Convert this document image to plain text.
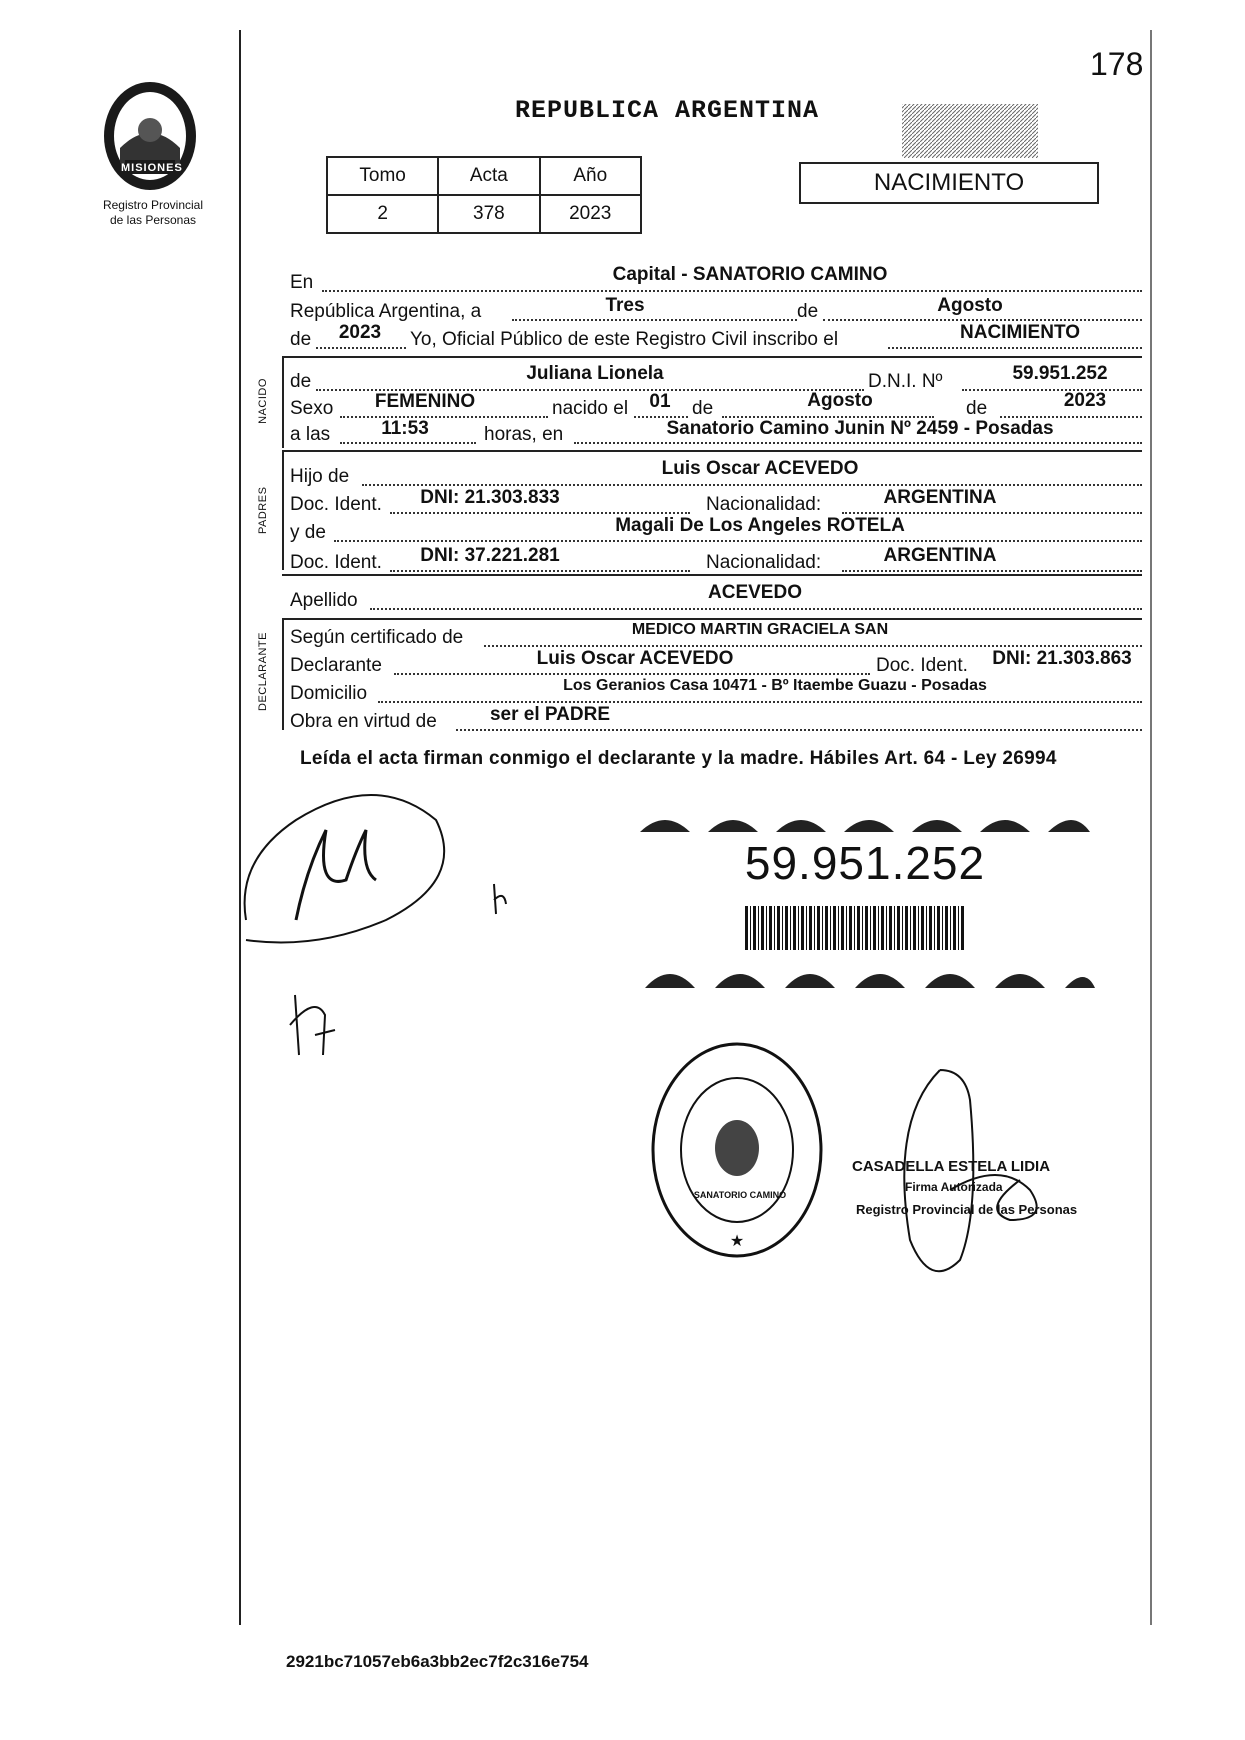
178
MISIONES
Registro Provincial
de las Personas
REPUBLICA ARGENTINA
Tomo	Acta	Año
2	378	2023
NACIMIENTO
En	Capital - SANATORIO CAMINO
República Argentina, a	Tres	de	Agosto
de	2023	Yo, Oficial Público de este Registro Civil inscribo el	NACIMIENTO
NACIDO de	Juliana Lionela	D.N.I. Nº	59.951.252
Sexo	FEMENINO	nacido el	01	de	Agosto	de	2023
a las	11:53	horas, en	Sanatorio Camino Junin Nº 2459 - Posadas
PADRES
Hijo de	Luis Oscar ACEVEDO
Doc. Ident.	DNI: 21.303.833	Nacionalidad:	ARGENTINA
y de	Magali De Los Angeles ROTELA
Doc. Ident.	DNI: 37.221.281	Nacionalidad:	ARGENTINA
Apellido	ACEVEDO
DECLARANTE Según certificado de	MEDICO MARTIN GRACIELA SAN
Declarante	Luis Oscar ACEVEDO	Doc. Ident.	DNI: 21.303.863
Domicilio	Los Geranios Casa 10471 - Bº Itaembe Guazu - Posadas
Obra en virtud de	ser el PADRE
Leída el acta firman conmigo el declarante y la madre. Hábiles Art. 64 - Ley 26994
59.951.252
★
SANATORIO CAMINO
CASADELLA ESTELA LIDIA
Firma Autorizada
Registro Provincial de las Personas
2921bc71057eb6a3bb2ec7f2c316e754
